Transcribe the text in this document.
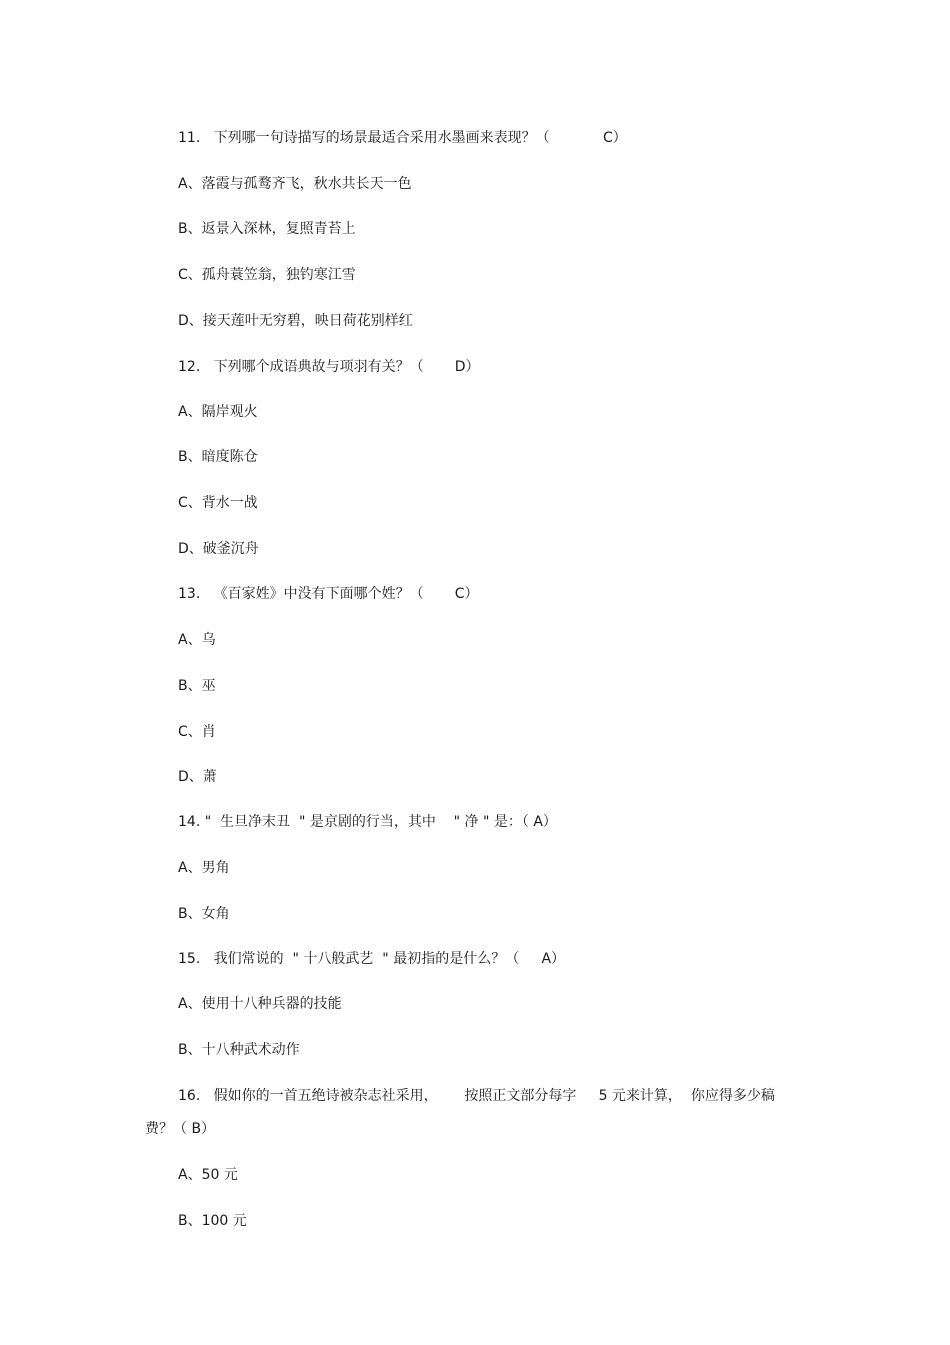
11.   下列哪一句诗描写的场景最适合采用水墨画来表现？（            C）
A、落霞与孤鹜齐飞，秋水共长天一色
B、返景入深林，复照青苔上
C、孤舟蓑笠翁，独钓寒江雪
D、接天莲叶无穷碧，映日荷花别样红
12.   下列哪个成语典故与项羽有关？（       D）
A、隔岸观火
B、暗度陈仓
C、背水一战
D、破釜沉舟
13.   《百家姓》中没有下面哪个姓？（       C）
A、乌
B、巫
C、肖
D、萧
14. "  生旦净末丑  " 是京剧的行当，其中    " 净 " 是：（ A）
A、男角
B、女角
15.   我们常说的  " 十八般武艺  " 最初指的是什么？（     A）
A、使用十八种兵器的技能
B、十八种武术动作
16.   假如你的一首五绝诗被杂志社采用，      按照正文部分每字     5 元来计算，  你应得多少稿
费？（ B）
A、50 元
B、100 元
